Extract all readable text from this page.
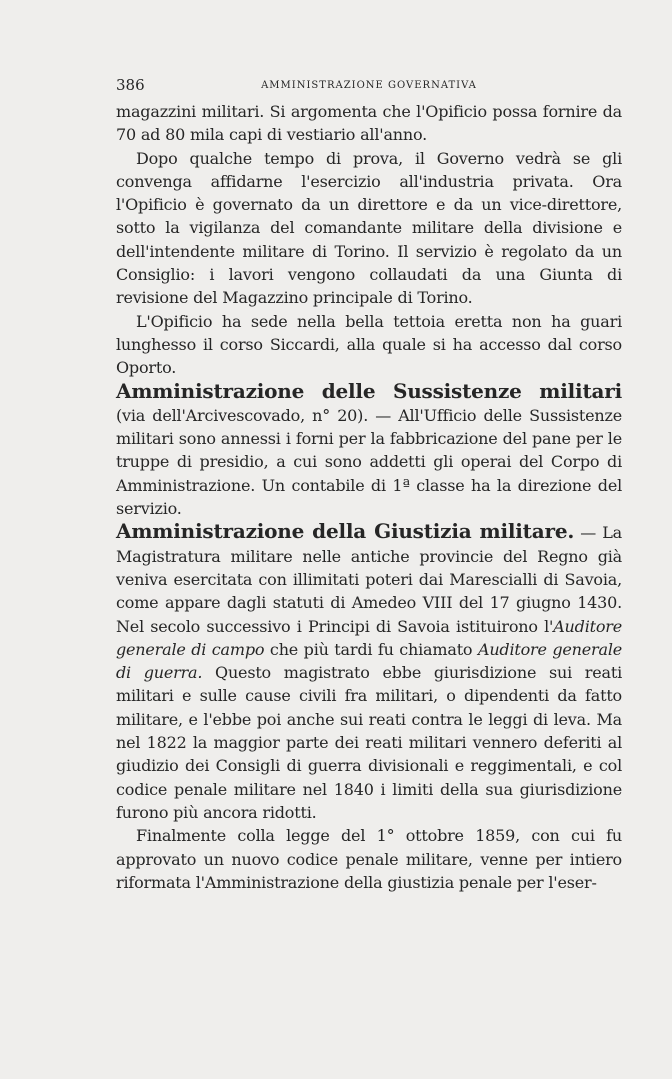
386	AMMINISTRAZIONE GOVERNATIVA

magazzini militari. Si argomenta che l'Opificio possa fornire da 70 ad 80 mila capi di vestiario all'anno.

Dopo qualche tempo di prova, il Governo vedrà se gli convenga affidarne l'esercizio all'industria privata. Ora l'Opificio è governato da un direttore e da un vice-direttore, sotto la vigilanza del comandante militare della divisione e dell'intendente militare di Torino. Il servizio è regolato da un Consiglio: i lavori vengono collaudati da una Giunta di revisione del Magazzino principale di Torino.

L'Opificio ha sede nella bella tettoia eretta non ha guari lunghesso il corso Siccardi, alla quale si ha accesso dal corso Oporto.

Amministrazione delle Sussistenze militari (via dell'Arcivescovado, n° 20). — All'Ufficio delle Sussistenze militari sono annessi i forni per la fabbricazione del pane per le truppe di presidio, a cui sono addetti gli operai del Corpo di Amministrazione. Un contabile di 1ª classe ha la direzione del servizio.

Amministrazione della Giustizia militare. — La Magistratura militare nelle antiche provincie del Regno già veniva esercitata con illimitati poteri dai Marescialli di Savoia, come appare dagli statuti di Amedeo VIII del 17 giugno 1430. Nel secolo successivo i Principi di Savoia istituirono l'Auditore generale di campo che più tardi fu chiamato Auditore generale di guerra. Questo magistrato ebbe giurisdizione sui reati militari e sulle cause civili fra militari, o dipendenti da fatto militare, e l'ebbe poi anche sui reati contra le leggi di leva. Ma nel 1822 la maggior parte dei reati militari vennero deferiti al giudizio dei Consigli di guerra divisionali e reggimentali, e col codice penale militare nel 1840 i limiti della sua giurisdizione furono più ancora ridotti.

Finalmente colla legge del 1° ottobre 1859, con cui fu approvato un nuovo codice penale militare, venne per intiero riformata l'Amministrazione della giustizia penale per l'eser-
